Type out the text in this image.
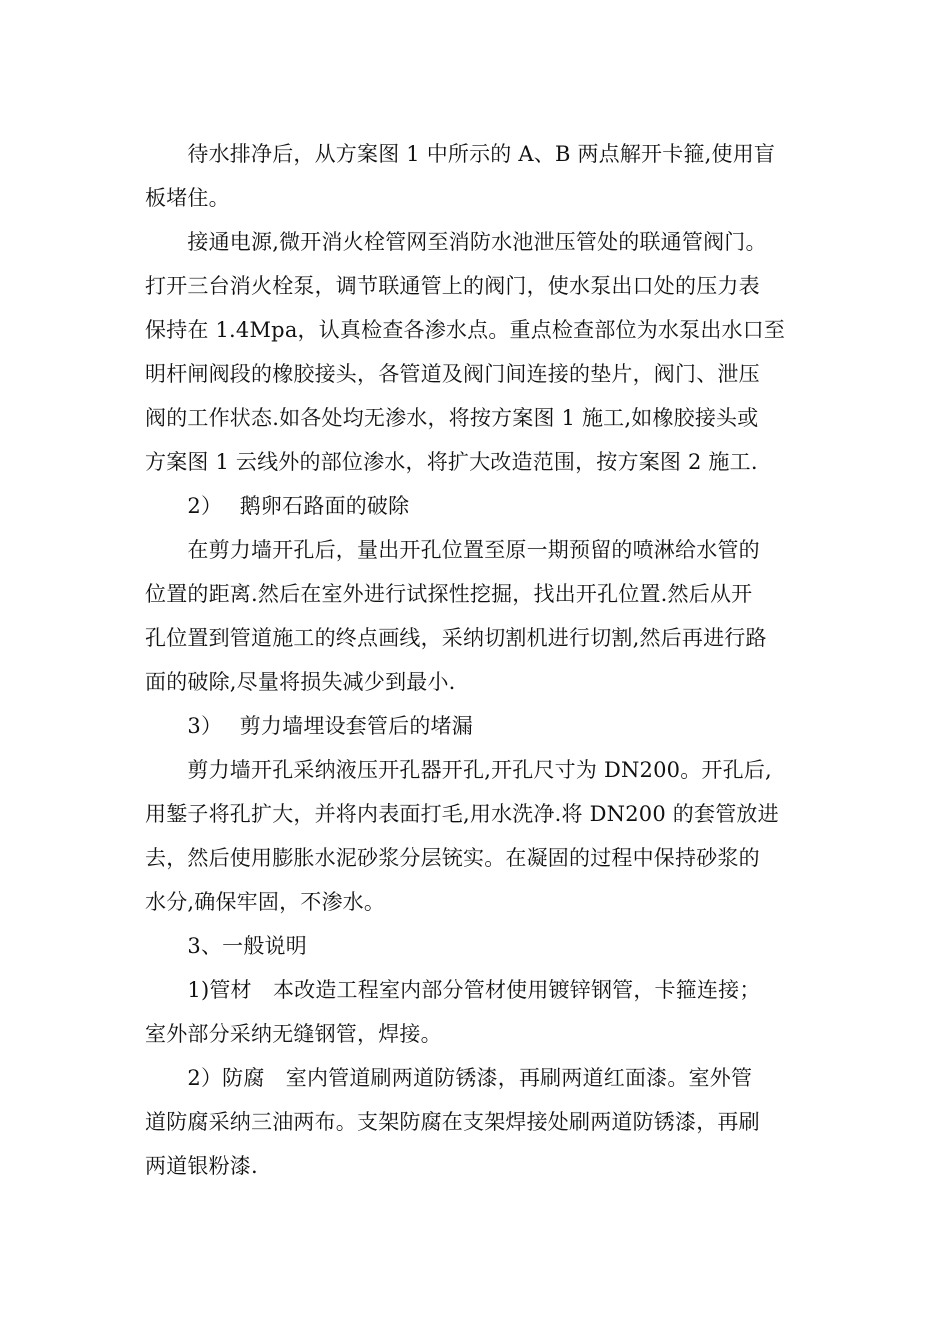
　　待水排净后，从方案图 1 中所示的 A、B 两点解开卡箍,使用盲
板堵住。
　　接通电源,微开消火栓管网至消防水池泄压管处的联通管阀门。
打开三台消火栓泵，调节联通管上的阀门，使水泵出口处的压力表
保持在 1.4Mpa，认真检查各渗水点。重点检查部位为水泵出水口至
明杆闸阀段的橡胶接头，各管道及阀门间连接的垫片，阀门、泄压
阀的工作状态.如各处均无渗水，将按方案图 1 施工,如橡胶接头或
方案图 1 云线外的部位渗水，将扩大改造范围，按方案图 2 施工.
　　2）　 鹅卵石路面的破除
　　在剪力墙开孔后，量出开孔位置至原一期预留的喷淋给水管的
位置的距离.然后在室外进行试探性挖掘，找出开孔位置.然后从开
孔位置到管道施工的终点画线，采纳切割机进行切割,然后再进行路
面的破除,尽量将损失减少到最小.
　　3）　 剪力墙埋设套管后的堵漏
　　剪力墙开孔采纳液压开孔器开孔,开孔尺寸为 DN200。开孔后,
用錾子将孔扩大，并将内表面打毛,用水洗净.将 DN200 的套管放进
去，然后使用膨胀水泥砂浆分层铳实。在凝固的过程中保持砂浆的
水分,确保牢固，不渗水。
　　3、一般说明
　　1)管材　本改造工程室内部分管材使用镀锌钢管，卡箍连接；
室外部分采纳无缝钢管，焊接。
　　2）防腐　室内管道刷两道防锈漆，再刷两道红面漆。室外管
道防腐采纳三油两布。支架防腐在支架焊接处刷两道防锈漆，再刷
两道银粉漆.
